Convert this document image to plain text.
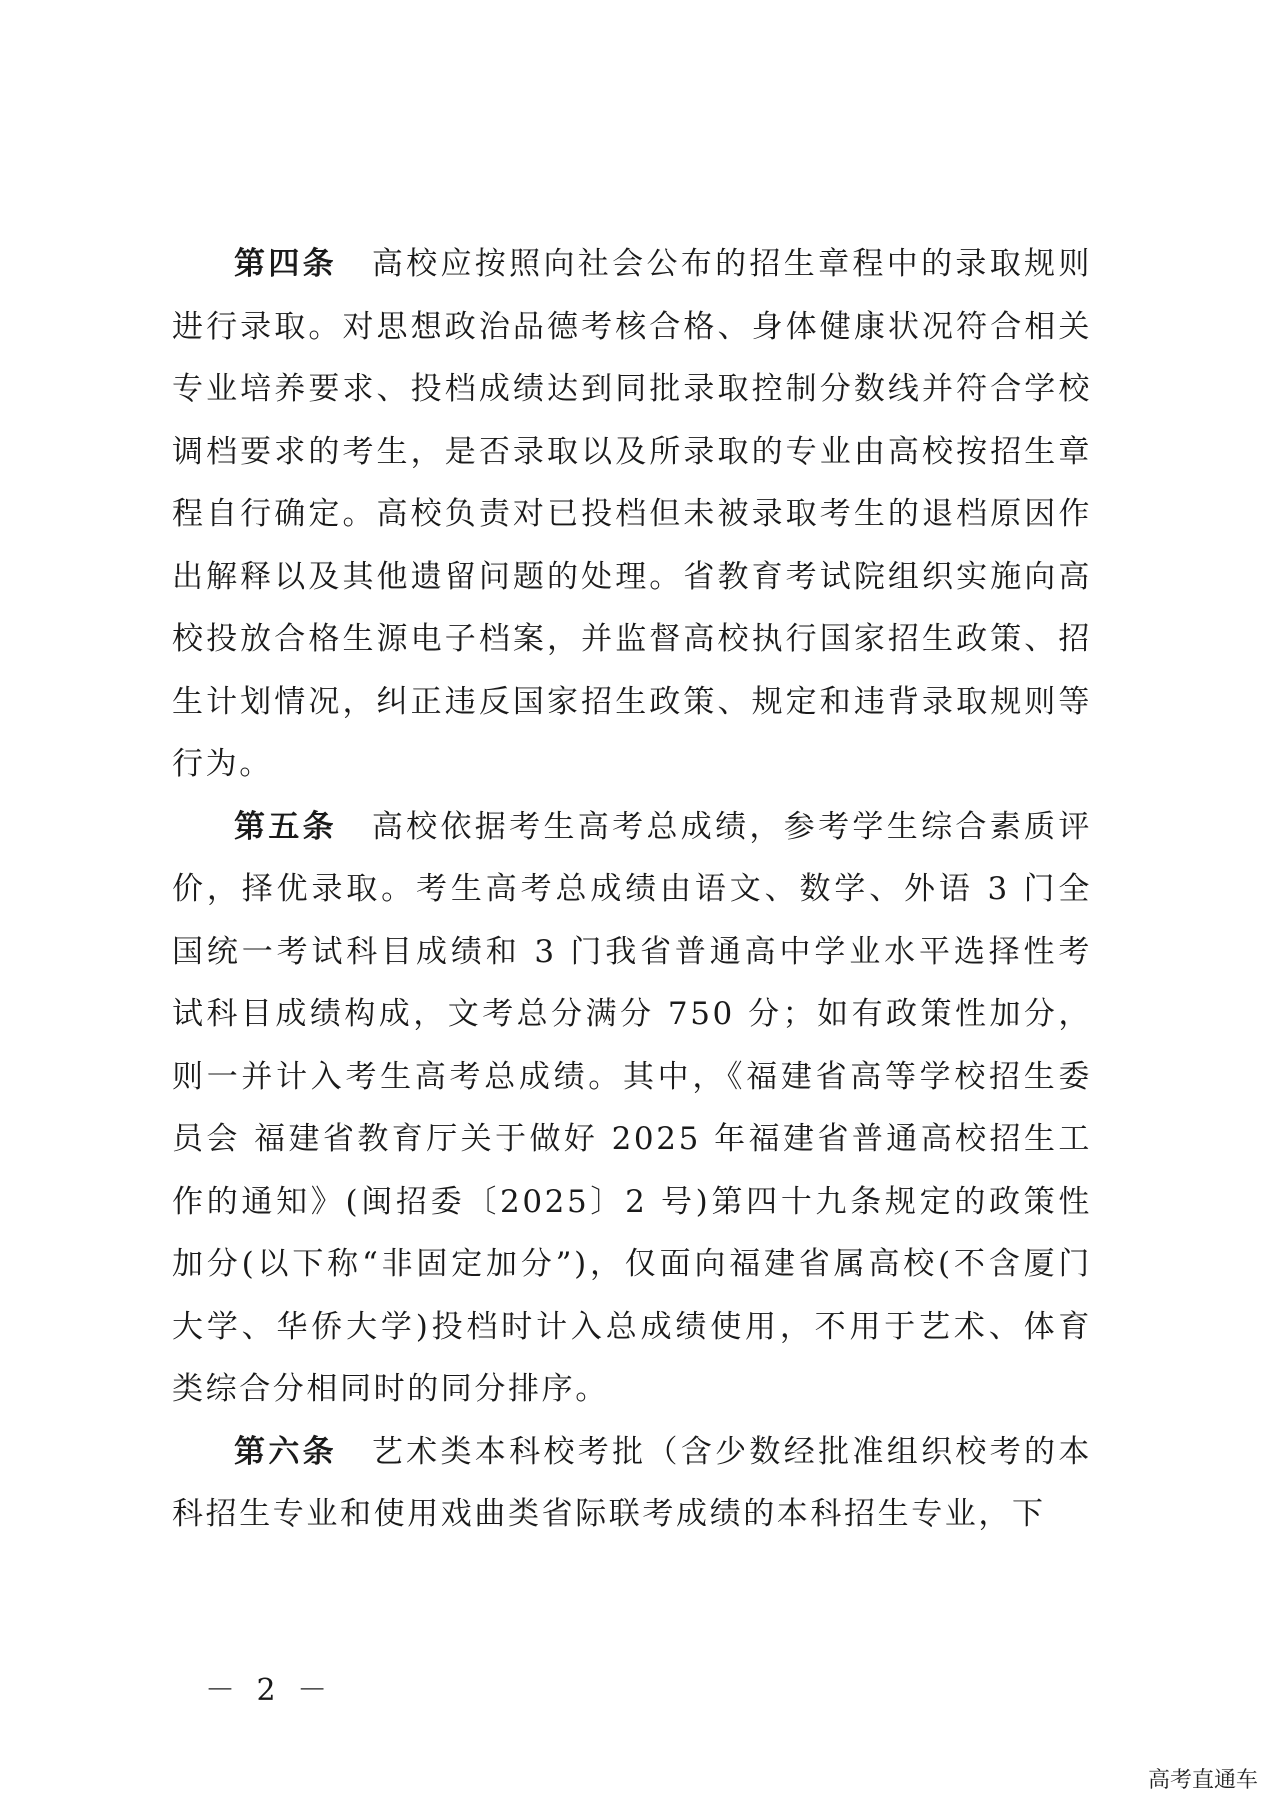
第四条 高校应按照向社会公布的招生章程中的录取规则进行录取。对思想政治品德考核合格、身体健康状况符合相关专业培养要求、投档成绩达到同批录取控制分数线并符合学校调档要求的考生，是否录取以及所录取的专业由高校按招生章程自行确定。高校负责对已投档但未被录取考生的退档原因作出解释以及其他遗留问题的处理。省教育考试院组织实施向高校投放合格生源电子档案，并监督高校执行国家招生政策、招生计划情况，纠正违反国家招生政策、规定和违背录取规则等行为。

第五条 高校依据考生高考总成绩，参考学生综合素质评价，择优录取。考生高考总成绩由语文、数学、外语 3 门全国统一考试科目成绩和 3 门我省普通高中学业水平选择性考试科目成绩构成，文考总分满分 750 分；如有政策性加分，则一并计入考生高考总成绩。其中，《福建省高等学校招生委员会 福建省教育厅关于做好 2025 年福建省普通高校招生工作的通知》(闽招委〔2025〕2 号)第四十九条规定的政策性加分(以下称“非固定加分”)，仅面向福建省属高校(不含厦门大学、华侨大学)投档时计入总成绩使用，不用于艺术、体育类综合分相同时的同分排序。

第六条 艺术类本科校考批（含少数经批准组织校考的本科招生专业和使用戏曲类省际联考成绩的本科招生专业，下

－ 2 －

高考直通车
